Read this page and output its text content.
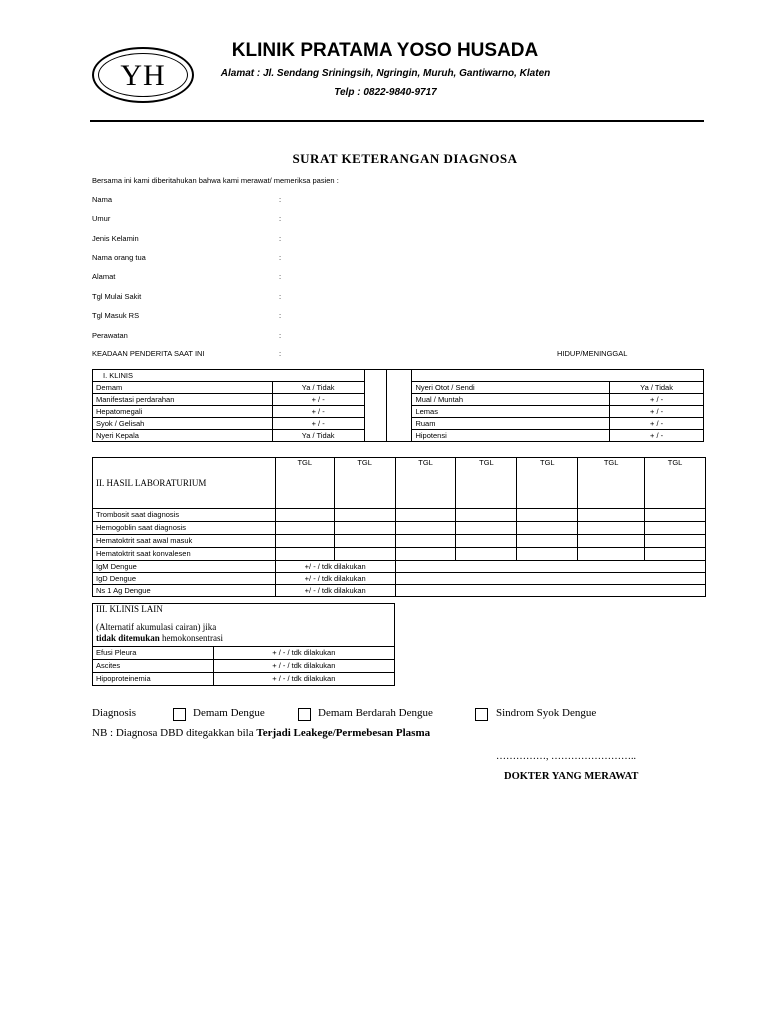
YH
KLINIK PRATAMA YOSO HUSADA
Alamat : Jl. Sendang Sriningsih, Ngringin, Muruh, Gantiwarno, Klaten
Telp : 0822-9840-9717
SURAT KETERANGAN DIAGNOSA
Bersama ini kami diberitahukan bahwa kami merawat/ memeriksa pasien :
Nama	:
Umur	:
Jenis Kelamin	:
Nama orang tua	:
Alamat	:
Tgl Mulai Sakit	:
Tgl Masuk RS	:
Perawatan	:
KEADAAN PENDERITA SAAT INI	:	HIDUP/MENINGGAL
I. KLINIS					
Demam	Ya / Tidak			Nyeri Otot / Sendi	Ya / Tidak
Manifestasi perdarahan	+ / -			Mual / Muntah	+ / -
Hepatomegali	+ / -			Lemas	+ / -
Syok / Gelisah	+ / -			Ruam	+ / -
Nyeri Kepala	Ya / Tidak			Hipotensi	+ / -
II. HASIL LABORATURIUM	TGL	TGL	TGL	TGL	TGL	TGL	TGL
Trombosit saat diagnosis							
Hemogoblin saat diagnosis							
Hematoktrit saat awal masuk							
Hematoktrit saat konvalesen							
IgM Dengue	+/ - / tdk dilakukan						
IgD Dengue	+/ - / tdk dilakukan						
Ns 1 Ag Dengue	+/ - / tdk dilakukan						
III. KLINIS LAIN
(Alternatif akumulasi cairan) jika
tidak ditemukan hemokonsentrasi	

Efusi Pleura	+ / - / tdk dilakukan
Ascites	+ / - / tdk dilakukan
Hipoproteinemia	+ / - / tdk dilakukan
Diagnosis	Demam Dengue	Demam Berdarah Dengue	Sindrom Syok Dengue
NB : Diagnosa DBD ditegakkan bila Terjadi Leakege/Permebesan Plasma
……………, ……………………..
DOKTER YANG MERAWAT
